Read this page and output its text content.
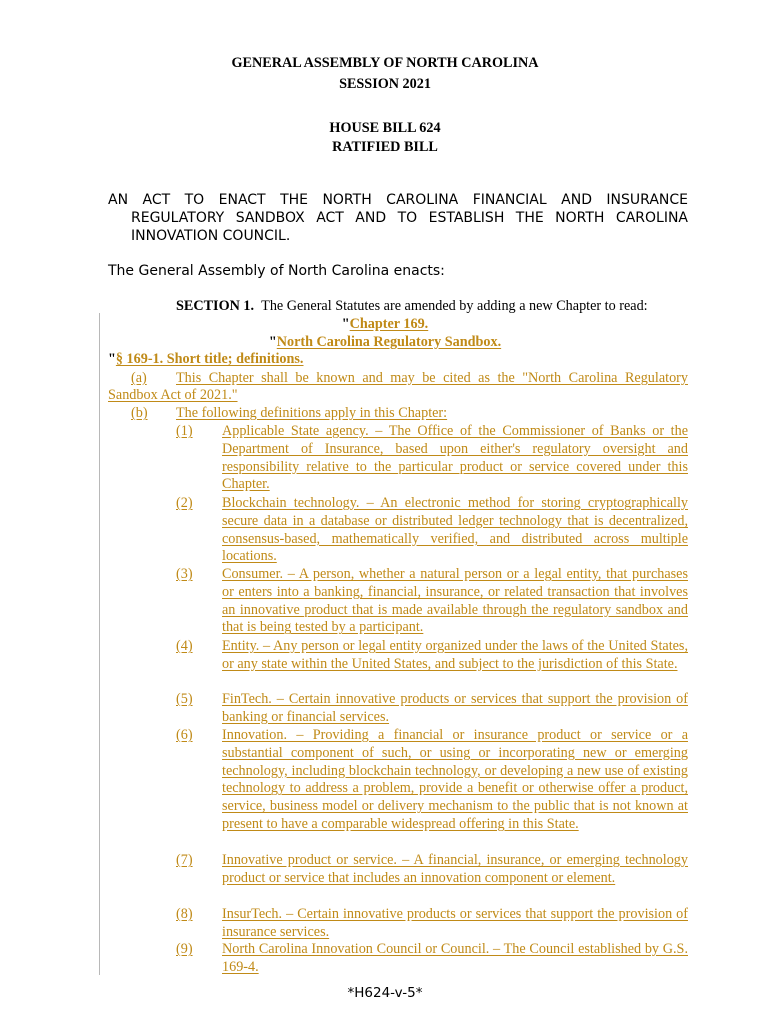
GENERAL ASSEMBLY OF NORTH CAROLINA
SESSION 2021
HOUSE BILL 624
RATIFIED BILL
AN ACT TO ENACT THE NORTH CAROLINA FINANCIAL AND INSURANCE
REGULATORY SANDBOX ACT AND TO ESTABLISH THE NORTH CAROLINA
INNOVATION COUNCIL.
The General Assembly of North Carolina enacts:
SECTION 1. The General Statutes are amended by adding a new Chapter to read:
"Chapter 169.
"North Carolina Regulatory Sandbox.
"§ 169-1. Short title; definitions.
(a) This Chapter shall be known and may be cited as the "North Carolina Regulatory
Sandbox Act of 2021."
(b) The following definitions apply in this Chapter:
(1)	Applicable State agency. – The Office of the Commissioner of Banks or the Department of Insurance, based upon either's regulatory oversight and responsibility relative to the particular product or service covered under this Chapter.
(2)	Blockchain technology. – An electronic method for storing cryptographically secure data in a database or distributed ledger technology that is decentralized, consensus-based, mathematically verified, and distributed across multiple locations.
(3)	Consumer. – A person, whether a natural person or a legal entity, that purchases or enters into a banking, financial, insurance, or related transaction that involves an innovative product that is made available through the regulatory sandbox and that is being tested by a participant.
(4)	Entity. – Any person or legal entity organized under the laws of the United States, or any state within the United States, and subject to the jurisdiction of this State.
(5)	FinTech. – Certain innovative products or services that support the provision of banking or financial services.
(6)	Innovation. – Providing a financial or insurance product or service or a substantial component of such, or using or incorporating new or emerging technology, including blockchain technology, or developing a new use of existing technology to address a problem, provide a benefit or otherwise offer a product, service, business model or delivery mechanism to the public that is not known at present to have a comparable widespread offering in this State.
(7)	Innovative product or service. – A financial, insurance, or emerging technology product or service that includes an innovation component or element.
(8)	InsurTech. – Certain innovative products or services that support the provision of insurance services.
(9)	North Carolina Innovation Council or Council. – The Council established by G.S. 169-4.
*H624-v-5*
